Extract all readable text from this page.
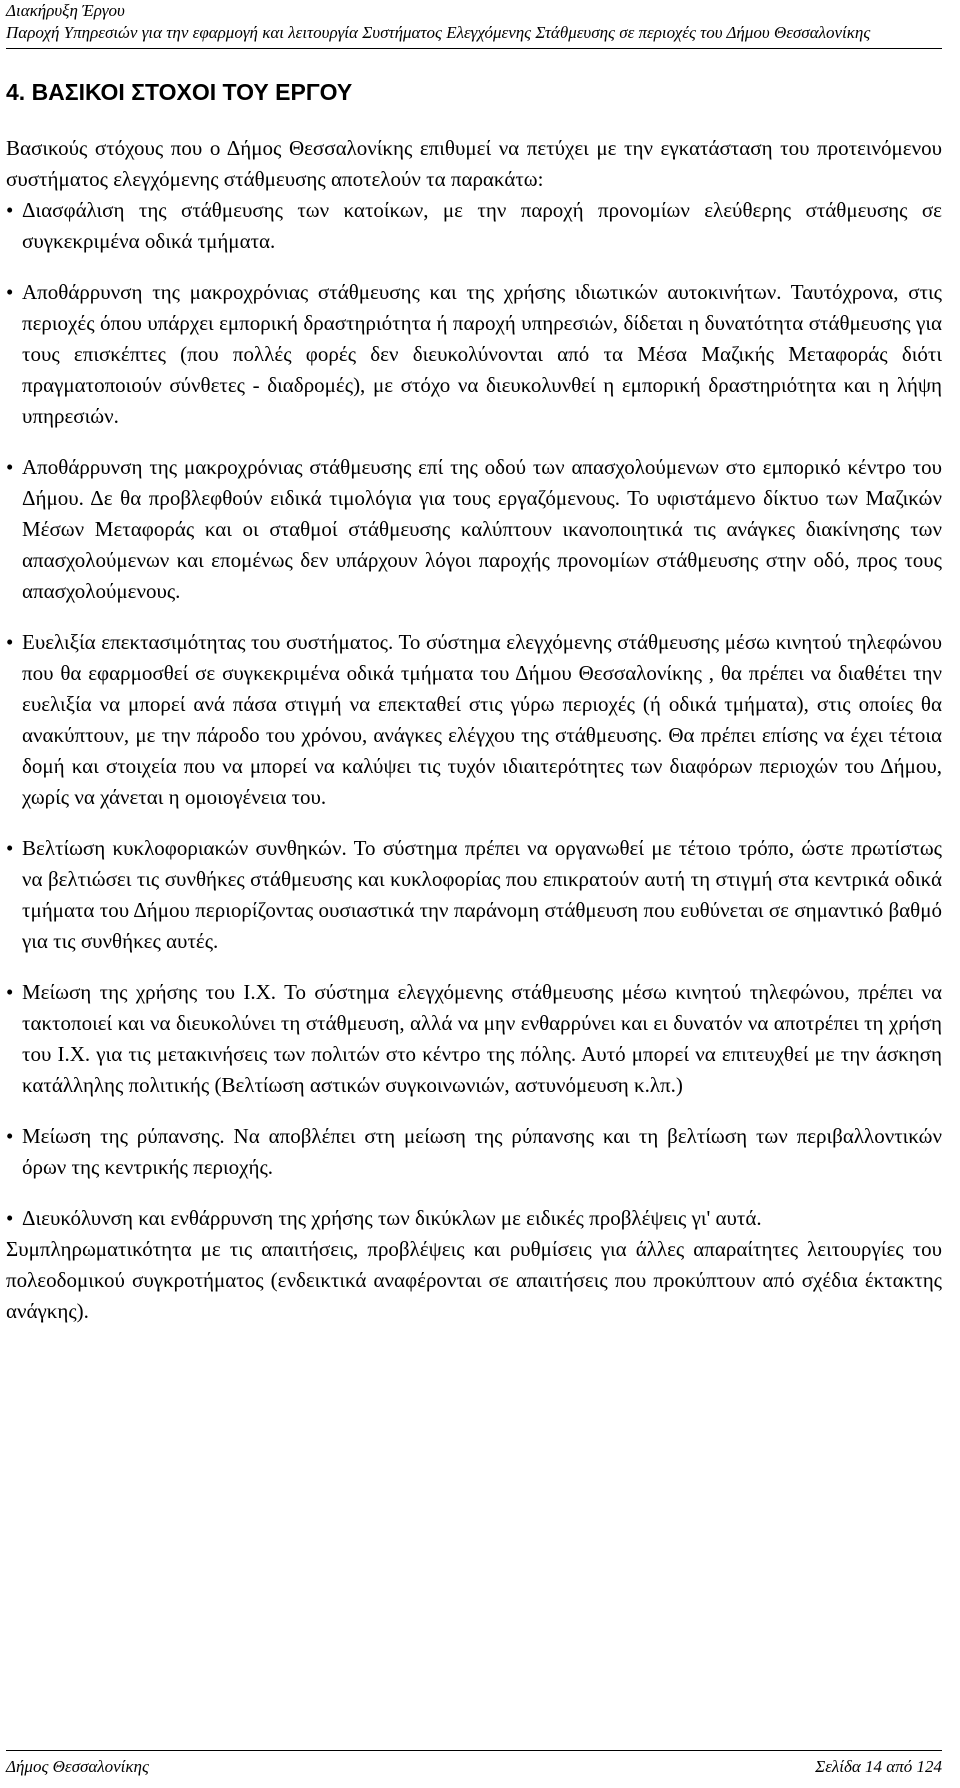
Διακήρυξη Έργου
Παροχή Υπηρεσιών για την εφαρμογή και λειτουργία Συστήματος Ελεγχόμενης Στάθμευσης σε περιοχές του Δήμου Θεσσαλονίκης
4. ΒΑΣΙΚΟΙ ΣΤΟΧΟΙ ΤΟΥ ΕΡΓΟΥ

Βασικούς στόχους που ο Δήμος Θεσσαλονίκης επιθυμεί να πετύχει με την εγκατάσταση του προτεινόμενου συστήματος ελεγχόμενης στάθμευσης αποτελούν τα παρακάτω:

• Διασφάλιση της στάθμευσης των κατοίκων, με την παροχή προνομίων ελεύθερης στάθμευσης σε συγκεκριμένα οδικά τμήματα.
• Αποθάρρυνση της μακροχρόνιας στάθμευσης και της χρήσης ιδιωτικών αυτοκινήτων. Ταυτόχρονα, στις περιοχές όπου υπάρχει εμπορική δραστηριότητα ή παροχή υπηρεσιών, δίδεται η δυνατότητα στάθμευσης για τους επισκέπτες (που πολλές φορές δεν διευκολύνονται από τα Μέσα Μαζικής Μεταφοράς διότι πραγματοποιούν σύνθετες - διαδρομές), με στόχο να διευκολυνθεί η εμπορική δραστηριότητα και η λήψη υπηρεσιών.
• Αποθάρρυνση της μακροχρόνιας στάθμευσης επί της οδού των απασχολούμενων στο εμπορικό κέντρο του Δήμου. Δε θα προβλεφθούν ειδικά τιμολόγια για τους εργαζόμενους. Το υφιστάμενο δίκτυο των Μαζικών Μέσων Μεταφοράς και οι σταθμοί στάθμευσης καλύπτουν ικανοποιητικά τις ανάγκες διακίνησης των απασχολούμενων και επομένως δεν υπάρχουν λόγοι παροχής προνομίων στάθμευσης στην οδό, προς τους απασχολούμενους.
• Ευελιξία επεκτασιμότητας του συστήματος. Το σύστημα ελεγχόμενης στάθμευσης μέσω κινητού τηλεφώνου που θα εφαρμοσθεί σε συγκεκριμένα οδικά τμήματα του Δήμου Θεσσαλονίκης , θα πρέπει να διαθέτει την ευελιξία να μπορεί ανά πάσα στιγμή να επεκταθεί στις γύρω περιοχές (ή οδικά τμήματα), στις οποίες θα ανακύπτουν, με την πάροδο του χρόνου, ανάγκες ελέγχου της στάθμευσης. Θα πρέπει επίσης να έχει τέτοια δομή και στοιχεία που να μπορεί να καλύψει τις τυχόν ιδιαιτερότητες των διαφόρων περιοχών του Δήμου, χωρίς να χάνεται η ομοιογένεια του.
• Βελτίωση κυκλοφοριακών συνθηκών. Το σύστημα πρέπει να οργανωθεί με τέτοιο τρόπο, ώστε πρωτίστως να βελτιώσει τις συνθήκες στάθμευσης και κυκλοφορίας που επικρατούν αυτή τη στιγμή στα κεντρικά οδικά τμήματα του Δήμου περιορίζοντας ουσιαστικά την παράνομη στάθμευση που ευθύνεται σε σημαντικό βαθμό για τις συνθήκες αυτές.
• Μείωση της χρήσης του Ι.Χ. Το σύστημα ελεγχόμενης στάθμευσης μέσω κινητού τηλεφώνου, πρέπει να τακτοποιεί και να διευκολύνει τη στάθμευση, αλλά να μην ενθαρρύνει και ει δυνατόν να αποτρέπει τη χρήση του Ι.Χ. για τις μετακινήσεις των πολιτών στο κέντρο της πόλης. Αυτό μπορεί να επιτευχθεί με την άσκηση κατάλληλης πολιτικής (Βελτίωση αστικών συγκοινωνιών, αστυνόμευση κ.λπ.)
• Μείωση της ρύπανσης. Να αποβλέπει στη μείωση της ρύπανσης και τη βελτίωση των περιβαλλοντικών όρων της κεντρικής περιοχής.
• Διευκόλυνση και ενθάρρυνση της χρήσης των δικύκλων με ειδικές προβλέψεις γι' αυτά.

Συμπληρωματικότητα με τις απαιτήσεις, προβλέψεις και ρυθμίσεις για άλλες απαραίτητες λειτουργίες του πολεοδομικού συγκροτήματος (ενδεικτικά αναφέρονται σε απαιτήσεις που προκύπτουν από σχέδια έκτακτης ανάγκης).

Δήμος Θεσσαλονίκης	Σελίδα 14 από 124
